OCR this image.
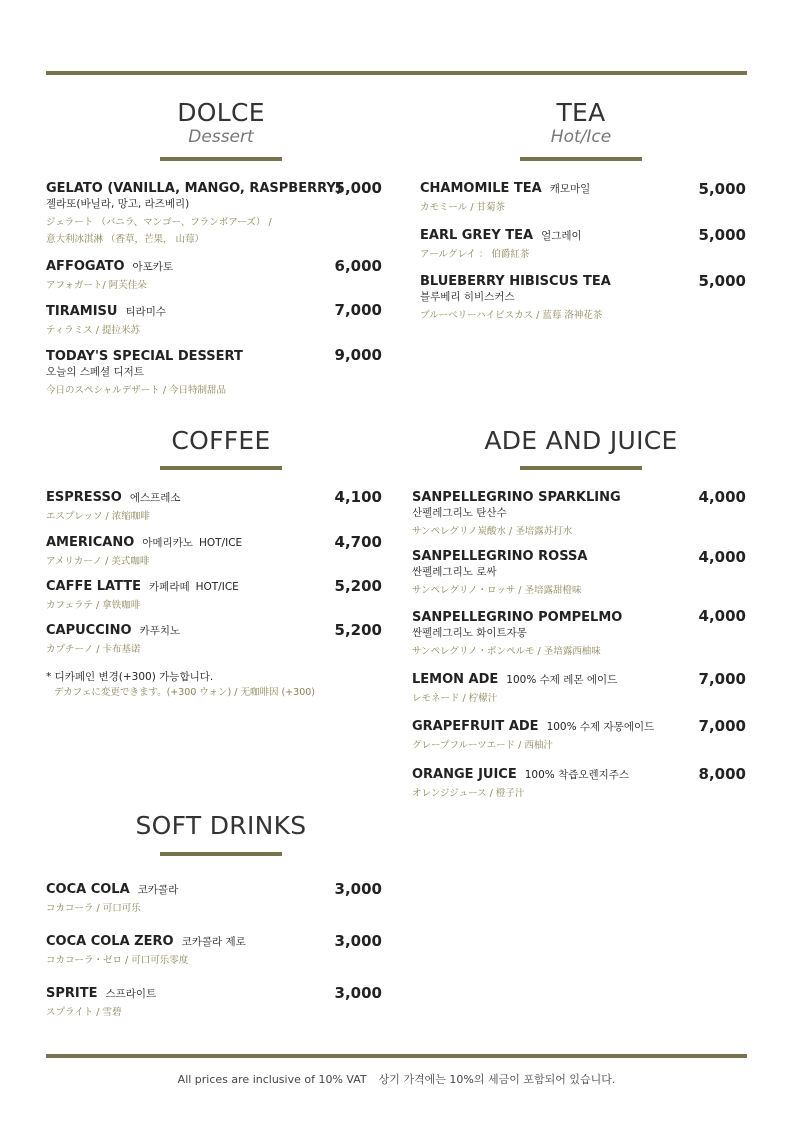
DOLCE
Dessert
GELATO (VANILLA, MANGO, RASPBERRY)
젤라또(바닐라, 망고, 라즈베리)
ジェラート （バニラ、マンゴー、フランボアーズ） /
意大利冰淇淋 （香草，芒果， 山莓）
5,000
AFFOGATO 아포카토
アフォガート/ 阿芙佳朵
6,000
TIRAMISU 티라미수
ティラミス / 提拉米苏
7,000
TODAY'S SPECIAL DESSERT
오늘의 스페셜 디저트
今日のスペシャルデザート / 今日特制甜品
9,000
TEA
Hot/Ice
CHAMOMILE TEA 캐모마일
カモミール / 甘菊茶
5,000
EARL GREY TEA 얼그레이
アールグレイ ： 伯爵紅茶
5,000
BLUEBERRY HIBISCUS TEA
블루베리 히비스커스
ブルーベリーハイビスカス / 蓝莓 洛神花茶
5,000
COFFEE
ESPRESSO 에스프레소
エスプレッソ / 浓缩咖啡
4,100
AMERICANO 아메리카노 HOT/ICE
アメリカーノ / 美式咖啡
4,700
CAFFE LATTE 카페라떼 HOT/ICE
カフェラテ / 拿铁咖啡
5,200
CAPUCCINO 카푸치노
カプチーノ / 卡布基诺
5,200
* 디카페인 변경(+300) 가능합니다.
デカフェに変更できます。(+300 ウォン) / 无咖啡因 (+300)
ADE AND JUICE
SANPELLEGRINO SPARKLING
산펠레그리노 탄산수
サンペレグリノ炭酸水 / 圣培露苏打水
4,000
SANPELLEGRINO ROSSA
싼펠레그리노 로싸
サンペレグリノ・ロッサ / 圣培露甜橙味
4,000
SANPELLEGRINO POMPELMO
싼펠레그리노 화이트자몽
サンペレグリノ・ポンペルモ / 圣培露西柚味
4,000
LEMON ADE 100% 수제 레몬 에이드
レモネード / 柠檬汁
7,000
GRAPEFRUIT ADE 100% 수제 자몽에이드
グレープフルーツエード / 西柚汁
7,000
ORANGE JUICE 100% 착즙오렌지주스
オレンジジュース / 橙子汁
8,000
SOFT DRINKS
COCA COLA 코카콜라
コカコーラ / 可口可乐
3,000
COCA COLA ZERO 코카콜라 제로
コカコーラ・ゼロ / 可口可乐零度
3,000
SPRITE 스프라이트
スプライト / 雪碧
3,000
All prices are inclusive of 10% VAT 상기 가격에는 10%의 세금이 포함되어 있습니다.
